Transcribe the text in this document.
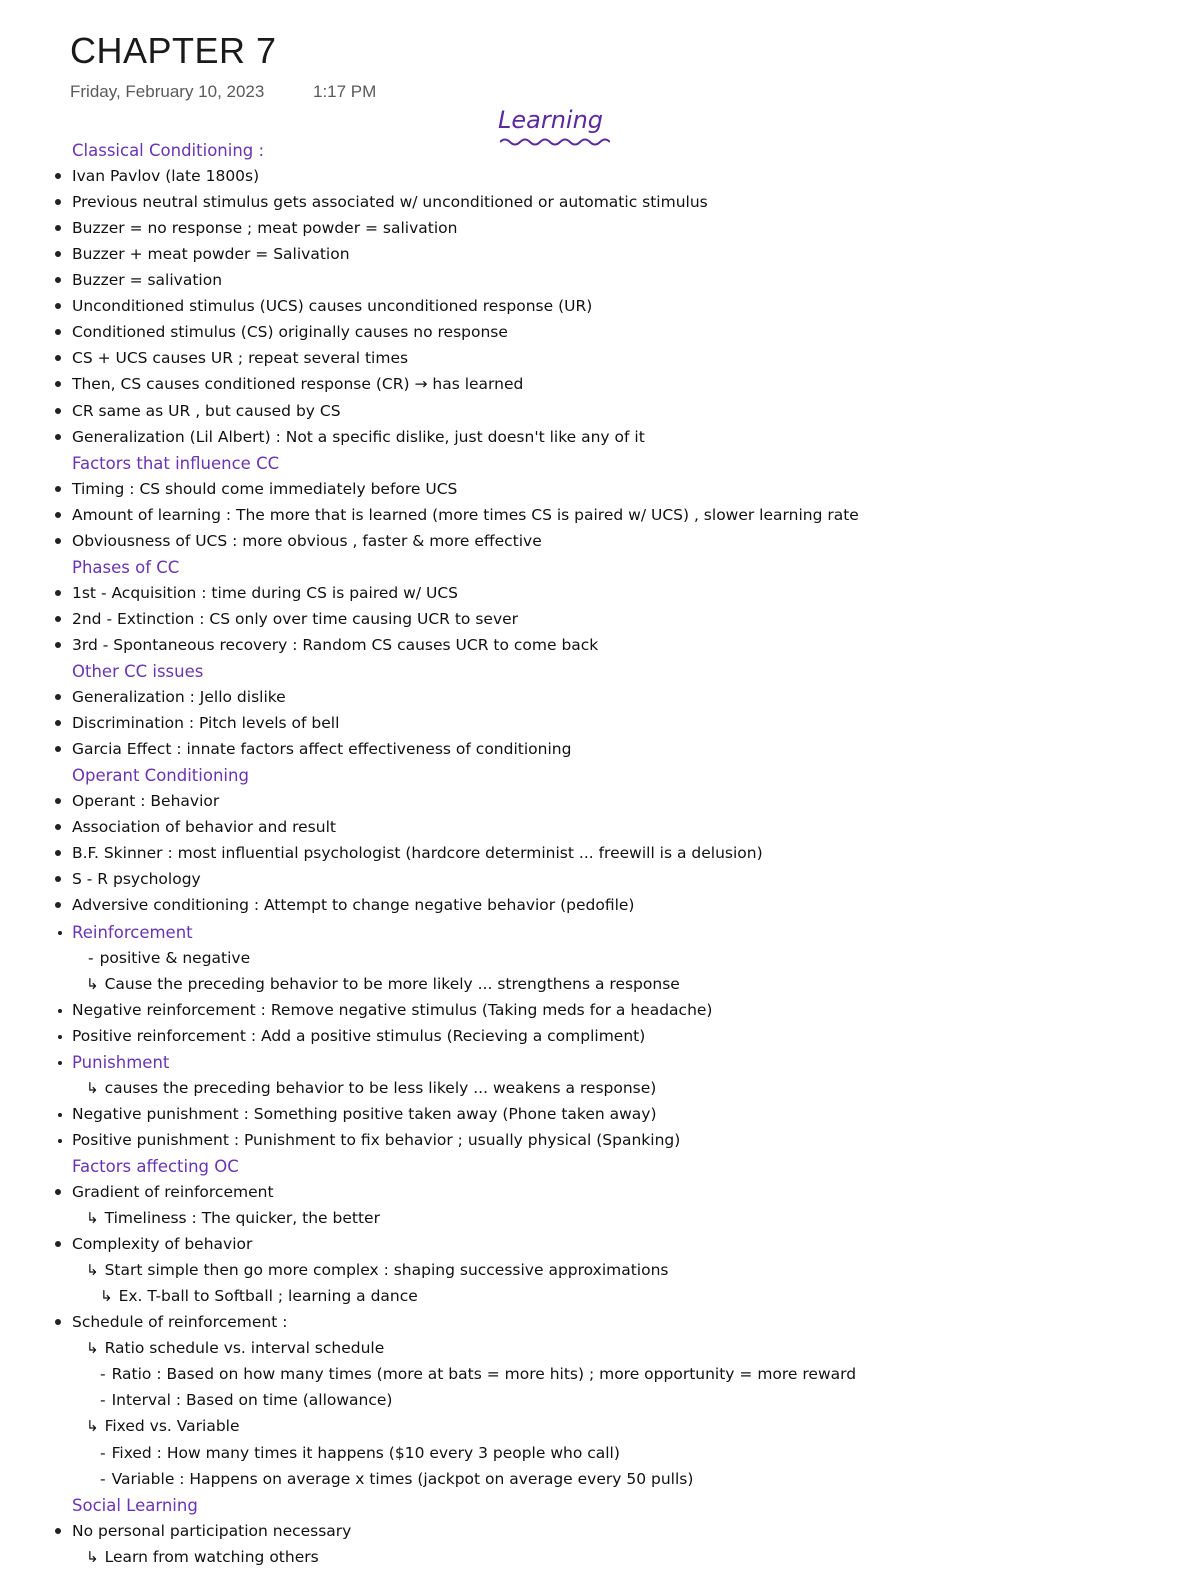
CHAPTER 7
Friday, February 10, 2023	1:17 PM
Learning
Classical Conditioning :
Ivan Pavlov (late 1800s)
Previous neutral stimulus gets associated w/ unconditioned or automatic stimulus
Buzzer = no response ; meat powder = salivation
Buzzer + meat powder = Salivation
Buzzer = salivation
Unconditioned stimulus (UCS) causes unconditioned response (UR)
Conditioned stimulus (CS) originally causes no response
CS + UCS causes UR ; repeat several times
Then, CS causes conditioned response (CR) → has learned
CR same as UR , but caused by CS
Generalization (Lil Albert) : Not a specific dislike, just doesn't like any of it
Factors that influence CC
Timing : CS should come immediately before UCS
Amount of learning : The more that is learned (more times CS is paired w/ UCS) , slower learning rate
Obviousness of UCS : more obvious , faster & more effective
Phases of CC
1st - Acquisition : time during CS is paired w/ UCS
2nd - Extinction : CS only over time causing UCR to sever
3rd - Spontaneous recovery : Random CS causes UCR to come back
Other CC issues
Generalization : Jello dislike
Discrimination : Pitch levels of bell
Garcia Effect : innate factors affect effectiveness of conditioning
Operant Conditioning
Operant : Behavior
Association of behavior and result
B.F. Skinner : most influential psychologist (hardcore determinist ... freewill is a delusion)
S - R psychology
Adversive conditioning : Attempt to change negative behavior (pedofile)
Reinforcement
- positive & negative
↳ Cause the preceding behavior to be more likely ... strengthens a response
Negative reinforcement : Remove negative stimulus (Taking meds for a headache)
Positive reinforcement : Add a positive stimulus (Recieving a compliment)
Punishment
↳ causes the preceding behavior to be less likely ... weakens a response)
Negative punishment : Something positive taken away (Phone taken away)
Positive punishment : Punishment to fix behavior ; usually physical (Spanking)
Factors affecting OC
Gradient of reinforcement
↳ Timeliness : The quicker, the better
Complexity of behavior
↳ Start simple then go more complex : shaping successive approximations
↳ Ex. T-ball to Softball ; learning a dance
Schedule of reinforcement :
↳ Ratio schedule vs. interval schedule
- Ratio : Based on how many times (more at bats = more hits) ; more opportunity = more reward
- Interval : Based on time (allowance)
↳ Fixed vs. Variable
- Fixed : How many times it happens ($10 every 3 people who call)
- Variable : Happens on average x times (jackpot on average every 50 pulls)
Social Learning
No personal participation necessary
↳ Learn from watching others
